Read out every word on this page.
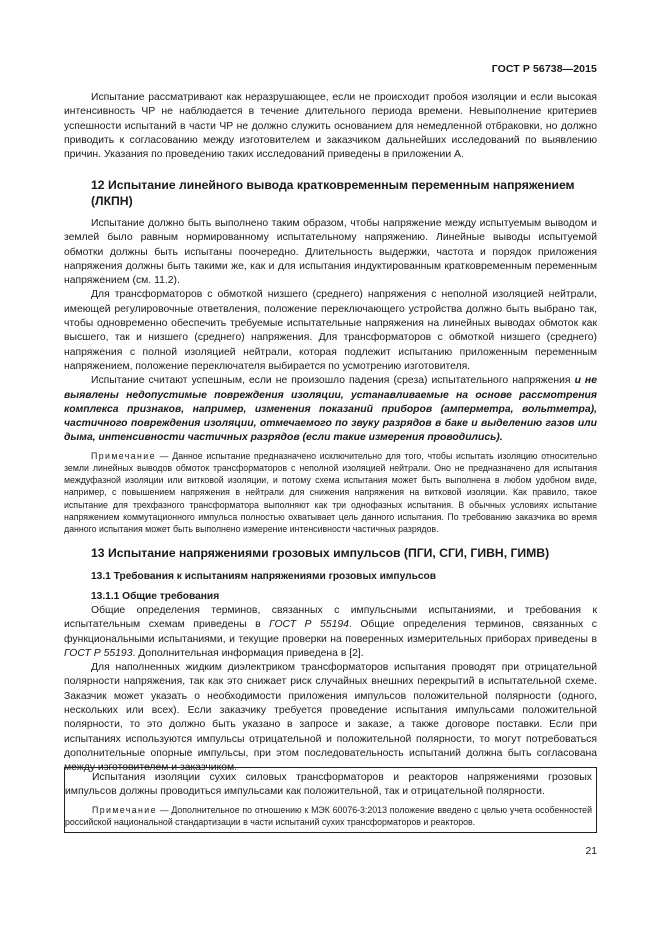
ГОСТ Р 56738—2015

Испытание рассматривают как неразрушающее, если не происходит пробоя изоляции и если высокая интенсивность ЧР не наблюдается в течение длительного периода времени. Невыполнение критериев успешности испытаний в части ЧР не должно служить основанием для немедленной отбраковки, но должно приводить к согласованию между изготовителем и заказчиком дальнейших исследований по выявлению причин. Указания по проведению таких исследований приведены в приложении А.

12 Испытание линейного вывода кратковременным переменным напряжением (ЛКПН)

Испытание должно быть выполнено таким образом, чтобы напряжение между испытуемым выводом и землей было равным нормированному испытательному напряжению. Линейные выводы испытуемой обмотки должны быть испытаны поочередно. Длительность выдержки, частота и порядок приложения напряжения должны быть такими же, как и для испытания индуктированным кратковременным переменным напряжением (см. 11.2).

Для трансформаторов с обмоткой низшего (среднего) напряжения с неполной изоляцией нейтрали, имеющей регулировочные ответвления, положение переключающего устройства должно быть выбрано так, чтобы одновременно обеспечить требуемые испытательные напряжения на линейных выводах обмоток как высшего, так и низшего (среднего) напряжения. Для трансформаторов с обмоткой низшего (среднего) напряжения с полной изоляцией нейтрали, которая подлежит испытанию приложенным переменным напряжением, положение переключателя выбирается по усмотрению изготовителя.

Испытание считают успешным, если не произошло падения (среза) испытательного напряжения и не выявлены недопустимые повреждения изоляции, устанавливаемые на основе рассмотрения комплекса признаков, например, изменения показаний приборов (амперметра, вольтметра), частичного повреждения изоляции, отмечаемого по звуку разрядов в баке и выделению газов или дыма, интенсивности частичных разрядов (если такие измерения проводились).

Примечание — Данное испытание предназначено исключительно для того, чтобы испытать изоляцию относительно земли линейных выводов обмоток трансформаторов с неполной изоляцией нейтрали. Оно не предназначено для испытания междуфазной изоляции или витковой изоляции, и потому схема испытания может быть выполнена в любом удобном виде, например, с повышением напряжения в нейтрали для снижения напряжения на витковой изоляции. Как правило, такое испытание для трехфазного трансформатора выполняют как три однофазных испытания. В обычных условиях испытание напряжением коммутационного импульса полностью охватывает цель данного испытания. По требованию заказчика во время данного испытания может быть выполнено измерение интенсивности частичных разрядов.

13 Испытание напряжениями грозовых импульсов (ПГИ, СГИ, ГИВН, ГИМВ)

13.1 Требования к испытаниям напряжениями грозовых импульсов

13.1.1 Общие требования

Общие определения терминов, связанных с импульсными испытаниями, и требования к испытательным схемам приведены в ГОСТ Р 55194. Общие определения терминов, связанных с функциональными испытаниями, и текущие проверки на поверенных измерительных приборах приведены в ГОСТ Р 55193. Дополнительная информация приведена в [2].

Для наполненных жидким диэлектриком трансформаторов испытания проводят при отрицательной полярности напряжения, так как это снижает риск случайных внешних перекрытий в испытательной схеме. Заказчик может указать о необходимости приложения импульсов положительной полярности (одного, нескольких или всех). Если заказчику требуется проведение испытания импульсами положительной полярности, то это должно быть указано в запросе и заказе, а также договоре поставки. Если при испытаниях используются импульсы отрицательной и положительной полярности, то могут потребоваться дополнительные опорные импульсы, при этом последовательность испытаний должна быть согласована между изготовителем и заказчиком.

Испытания изоляции сухих силовых трансформаторов и реакторов напряжениями грозовых импульсов должны проводиться импульсами как положительной, так и отрицательной полярности.

Примечание — Дополнительное по отношению к МЭК 60076-3:2013 положение введено с целью учета особенностей российской национальной стандартизации в части испытаний сухих трансформаторов и реакторов.

21
